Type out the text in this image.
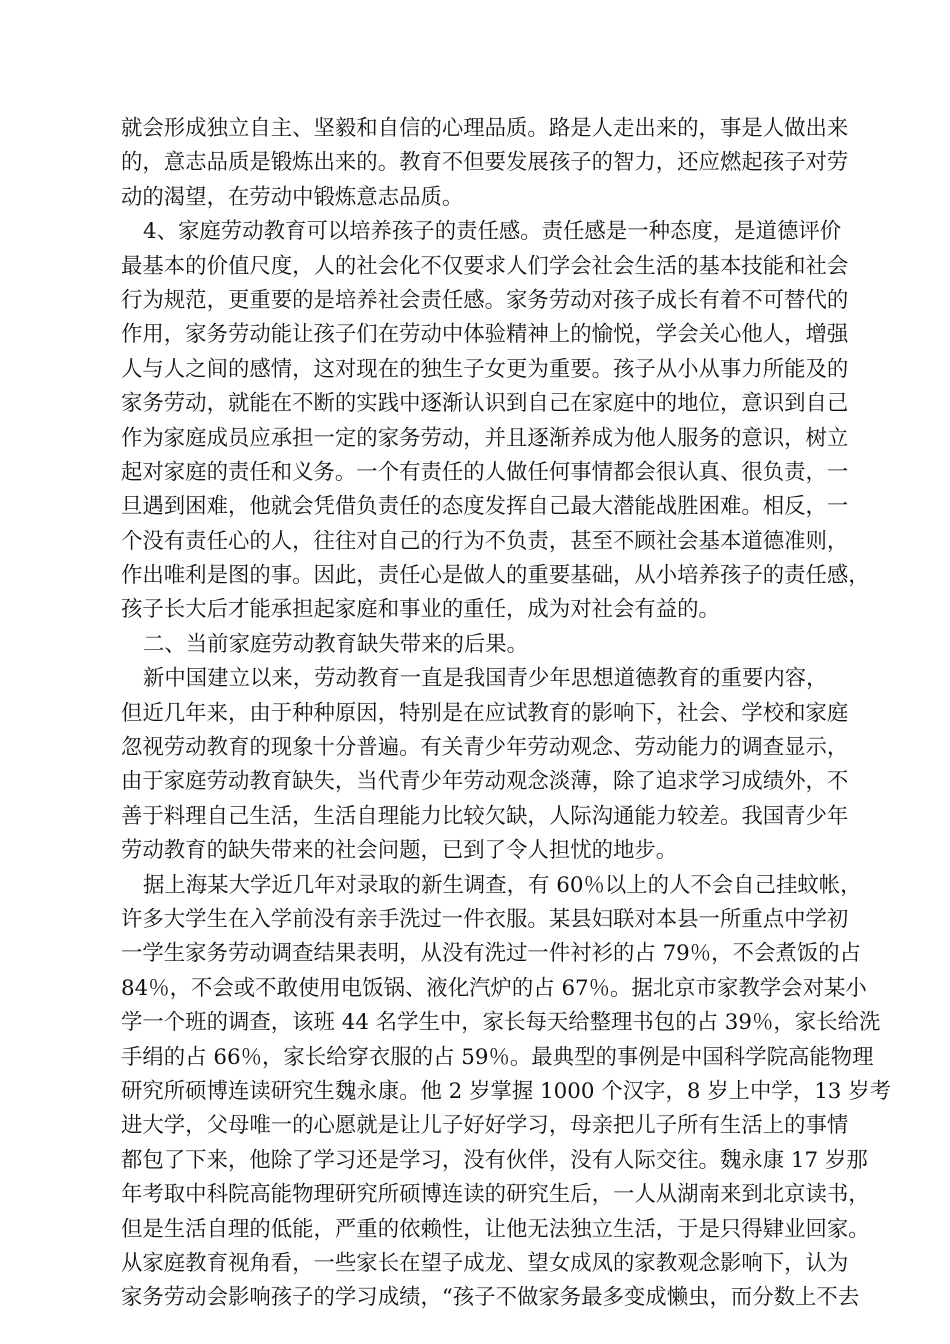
就会形成独立自主、坚毅和自信的心理品质。路是人走出来的，事是人做出来
的，意志品质是锻炼出来的。教育不但要发展孩子的智力，还应燃起孩子对劳
动的渴望，在劳动中锻炼意志品质。
4、家庭劳动教育可以培养孩子的责任感。责任感是一种态度，是道德评价
最基本的价值尺度，人的社会化不仅要求人们学会社会生活的基本技能和社会
行为规范，更重要的是培养社会责任感。家务劳动对孩子成长有着不可替代的
作用，家务劳动能让孩子们在劳动中体验精神上的愉悦，学会关心他人，增强
人与人之间的感情，这对现在的独生子女更为重要。孩子从小从事力所能及的
家务劳动，就能在不断的实践中逐渐认识到自己在家庭中的地位，意识到自己
作为家庭成员应承担一定的家务劳动，并且逐渐养成为他人服务的意识，树立
起对家庭的责任和义务。一个有责任的人做任何事情都会很认真、很负责，一
旦遇到困难，他就会凭借负责任的态度发挥自己最大潜能战胜困难。相反，一
个没有责任心的人，往往对自己的行为不负责，甚至不顾社会基本道德准则，
作出唯利是图的事。因此，责任心是做人的重要基础，从小培养孩子的责任感，
孩子长大后才能承担起家庭和事业的重任，成为对社会有益的。
二、当前家庭劳动教育缺失带来的后果。
新中国建立以来，劳动教育一直是我国青少年思想道德教育的重要内容，
但近几年来，由于种种原因，特别是在应试教育的影响下，社会、学校和家庭
忽视劳动教育的现象十分普遍。有关青少年劳动观念、劳动能力的调查显示，
由于家庭劳动教育缺失，当代青少年劳动观念淡薄，除了追求学习成绩外，不
善于料理自己生活，生活自理能力比较欠缺，人际沟通能力较差。我国青少年
劳动教育的缺失带来的社会问题，已到了令人担忧的地步。
据上海某大学近几年对录取的新生调查，有 60％以上的人不会自己挂蚊帐，
许多大学生在入学前没有亲手洗过一件衣服。某县妇联对本县一所重点中学初
一学生家务劳动调查结果表明，从没有洗过一件衬衫的占 79％，不会煮饭的占
84％，不会或不敢使用电饭锅、液化汽炉的占 67％。据北京市家教学会对某小
学一个班的调查，该班 44 名学生中，家长每天给整理书包的占 39％，家长给洗
手绢的占 66％，家长给穿衣服的占 59％。最典型的事例是中国科学院高能物理
研究所硕博连读研究生魏永康。他 2 岁掌握 1000 个汉字，8 岁上中学，13 岁考
进大学，父母唯一的心愿就是让儿子好好学习，母亲把儿子所有生活上的事情
都包了下来，他除了学习还是学习，没有伙伴，没有人际交往。魏永康 17 岁那
年考取中科院高能物理研究所硕博连读的研究生后，一人从湖南来到北京读书，
但是生活自理的低能，严重的依赖性，让他无法独立生活，于是只得肄业回家。
从家庭教育视角看，一些家长在望子成龙、望女成凤的家教观念影响下，认为
家务劳动会影响孩子的学习成绩，“孩子不做家务最多变成懒虫，而分数上不去
